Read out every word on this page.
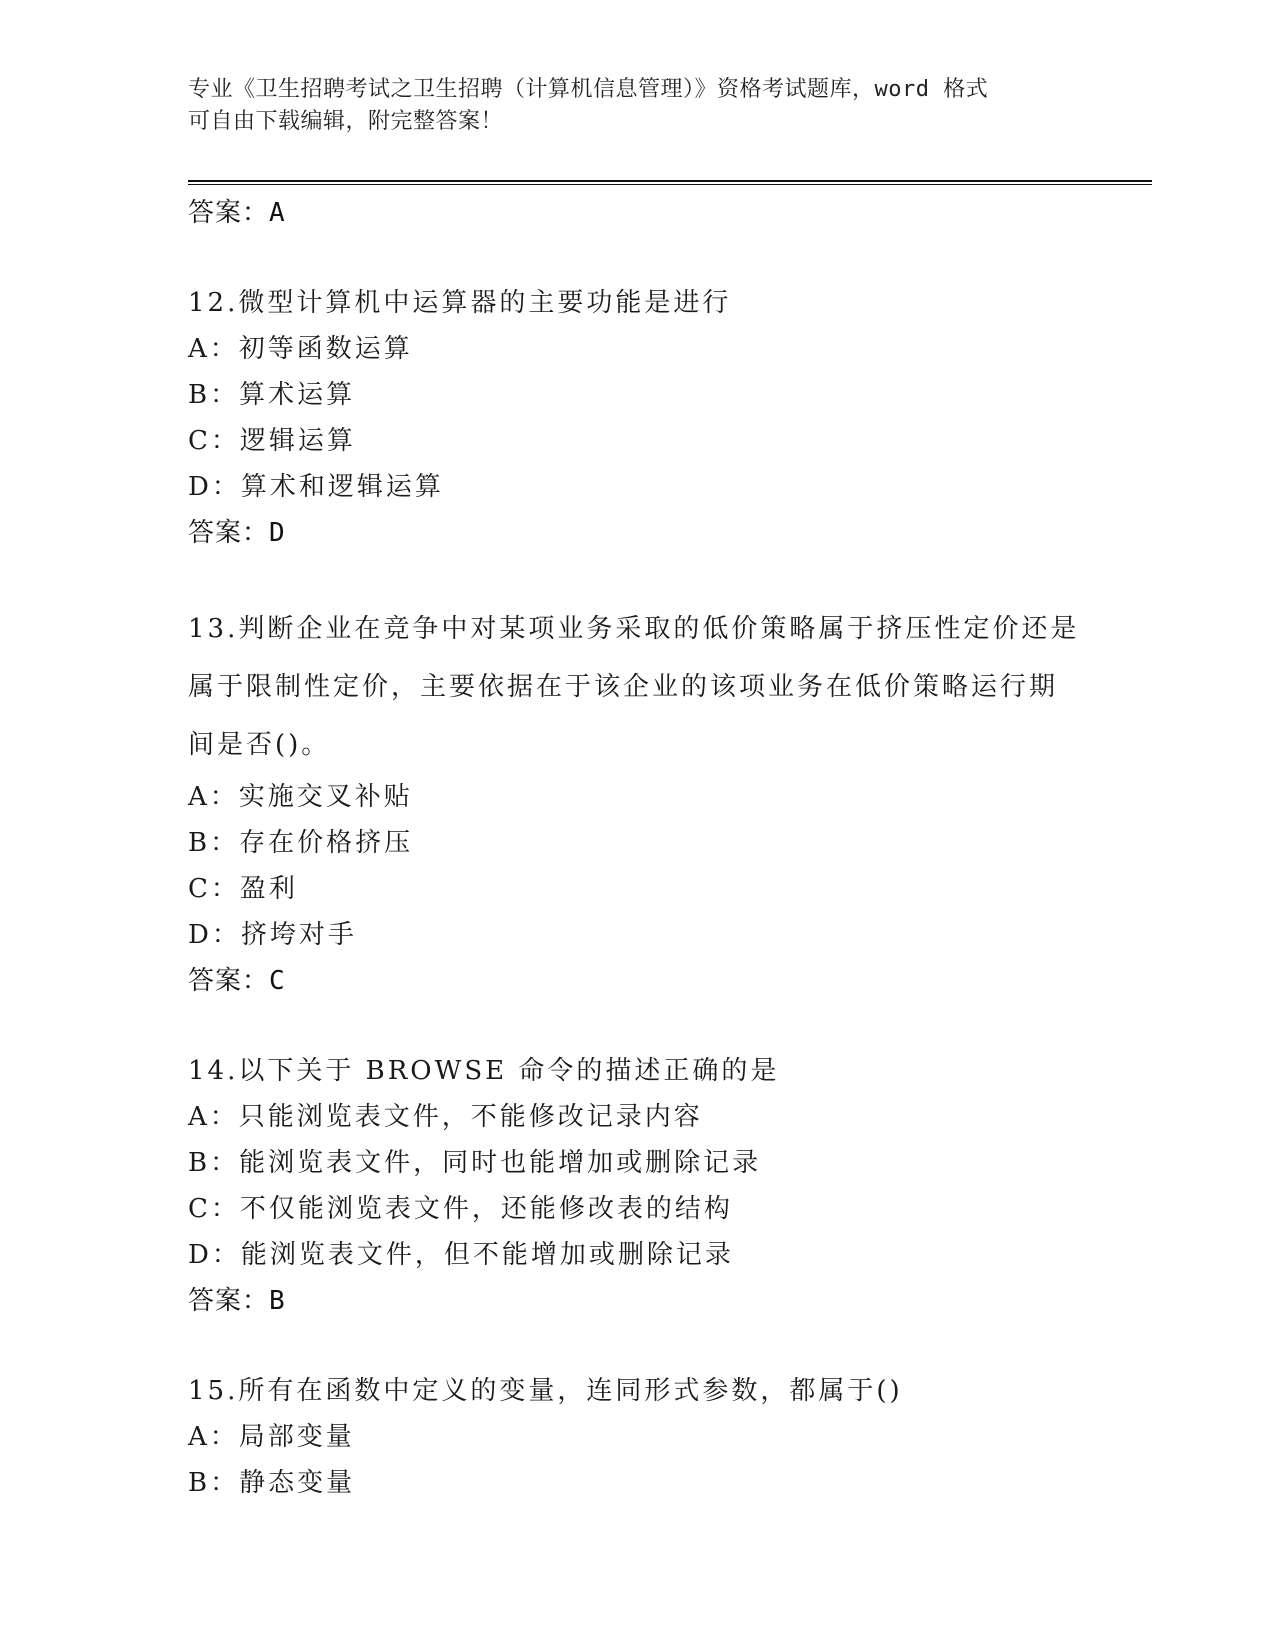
专业《卫生招聘考试之卫生招聘（计算机信息管理）》资格考试题库，word 格式
可自由下载编辑，附完整答案！
答案：A
12.微型计算机中运算器的主要功能是进行
A：初等函数运算
B：算术运算
C：逻辑运算
D：算术和逻辑运算
答案：D
13.判断企业在竞争中对某项业务采取的低价策略属于挤压性定价还是
属于限制性定价，主要依据在于该企业的该项业务在低价策略运行期
间是否()。
A：实施交叉补贴
B：存在价格挤压
C：盈利
D：挤垮对手
答案：C
14.以下关于 BROWSE 命令的描述正确的是
A：只能浏览表文件，不能修改记录内容
B：能浏览表文件，同时也能增加或删除记录
C：不仅能浏览表文件，还能修改表的结构
D：能浏览表文件，但不能增加或删除记录
答案：B
15.所有在函数中定义的变量，连同形式参数，都属于()
A：局部变量
B：静态变量
